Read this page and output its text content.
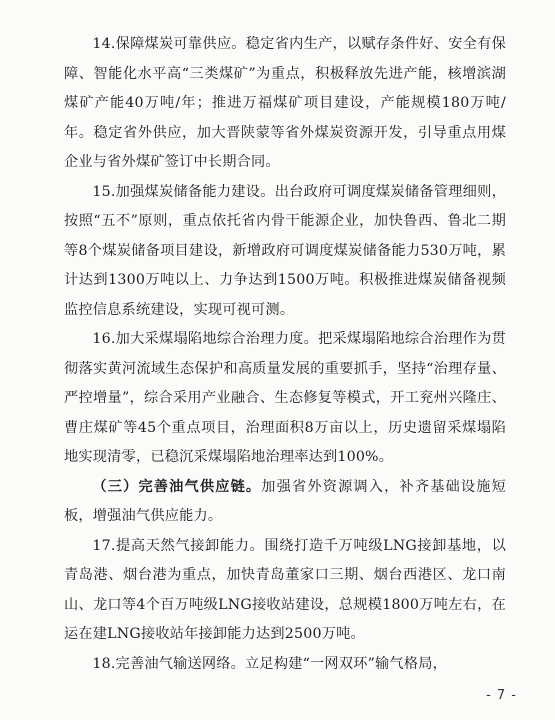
14.保障煤炭可靠供应。稳定省内生产，以赋存条件好、安全有保障、智能化水平高“三类煤矿”为重点，积极释放先进产能，核增滨湖煤矿产能40万吨/年；推进万福煤矿项目建设，产能规模180万吨/年。稳定省外供应，加大晋陕蒙等省外煤炭资源开发，引导重点用煤企业与省外煤矿签订中长期合同。

15.加强煤炭储备能力建设。出台政府可调度煤炭储备管理细则，按照“五不”原则，重点依托省内骨干能源企业，加快鲁西、鲁北二期等8个煤炭储备项目建设，新增政府可调度煤炭储备能力530万吨，累计达到1300万吨以上、力争达到1500万吨。积极推进煤炭储备视频监控信息系统建设，实现可视可测。

16.加大采煤塌陷地综合治理力度。把采煤塌陷地综合治理作为贯彻落实黄河流域生态保护和高质量发展的重要抓手，坚持“治理存量、严控增量”，综合采用产业融合、生态修复等模式，开工兖州兴隆庄、曹庄煤矿等45个重点项目，治理面积8万亩以上，历史遗留采煤塌陷地实现清零，已稳沉采煤塌陷地治理率达到100%。

（三）完善油气供应链。加强省外资源调入，补齐基础设施短板，增强油气供应能力。

17.提高天然气接卸能力。围绕打造千万吨级LNG接卸基地，以青岛港、烟台港为重点，加快青岛董家口三期、烟台西港区、龙口南山、龙口等4个百万吨级LNG接收站建设，总规模1800万吨左右，在运在建LNG接收站年接卸能力达到2500万吨。

18.完善油气输送网络。立足构建“一网双环”输气格局，

- 7 -
